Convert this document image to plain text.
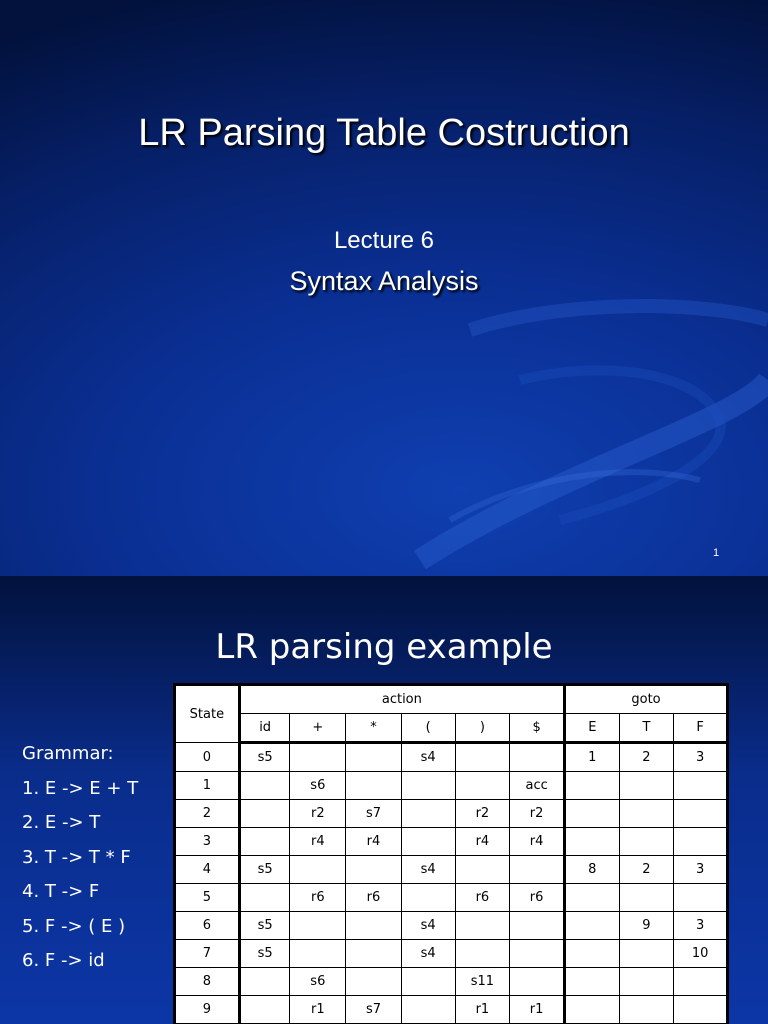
LR Parsing Table Costruction
Lecture 6
Syntax Analysis
1
LR parsing example
Grammar:
1. E -> E + T
2. E -> T
3. T -> T * F
4. T -> F
5. F -> ( E )
6. F -> id
State	action						goto		
	id	+	*	(	)	$	E	T	F
0	s5			s4			1	2	3
1		s6				acc			
2		r2	s7		r2	r2			
3		r4	r4		r4	r4			
4	s5			s4			8	2	3
5		r6	r6		r6	r6			
6	s5			s4				9	3
7	s5			s4					10
8		s6			s11				
9		r1	s7		r1	r1			
